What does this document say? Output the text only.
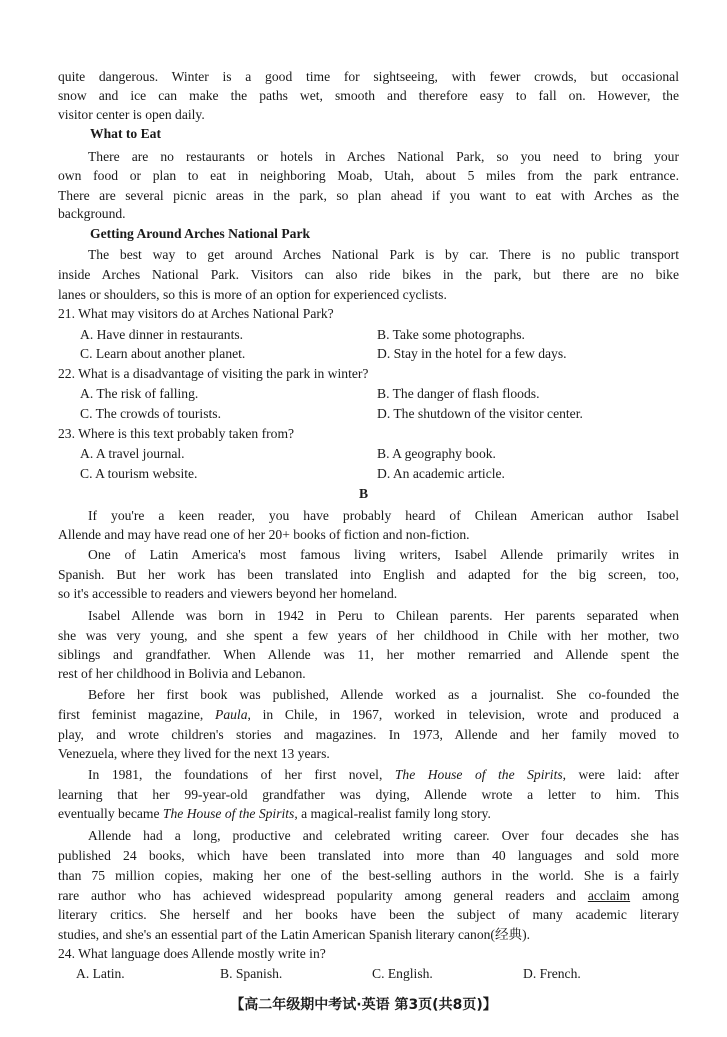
quite dangerous. Winter is a good time for sightseeing, with fewer crowds, but occasional
snow and ice can make the paths wet, smooth and therefore easy to fall on. However, the
visitor center is open daily.
What to Eat
There are no restaurants or hotels in Arches National Park, so you need to bring your
own food or plan to eat in neighboring Moab, Utah, about 5 miles from the park entrance.
There are several picnic areas in the park, so plan ahead if you want to eat with Arches as the
background.
Getting Around Arches National Park
The best way to get around Arches National Park is by car. There is no public transport
inside Arches National Park. Visitors can also ride bikes in the park, but there are no bike
lanes or shoulders, so this is more of an option for experienced cyclists.
21. What may visitors do at Arches National Park?
A. Have dinner in restaurants.	B. Take some photographs.
C. Learn about another planet.	D. Stay in the hotel for a few days.
22. What is a disadvantage of visiting the park in winter?
A. The risk of falling.	B. The danger of flash floods.
C. The crowds of tourists.	D. The shutdown of the visitor center.
23. Where is this text probably taken from?
A. A travel journal.	B. A geography book.
C. A tourism website.	D. An academic article.
B
If you're a keen reader, you have probably heard of Chilean American author Isabel
Allende and may have read one of her 20+ books of fiction and non-fiction.
One of Latin America's most famous living writers, Isabel Allende primarily writes in
Spanish. But her work has been translated into English and adapted for the big screen, too,
so it's accessible to readers and viewers beyond her homeland.
Isabel Allende was born in 1942 in Peru to Chilean parents. Her parents separated when
she was very young, and she spent a few years of her childhood in Chile with her mother, two
siblings and grandfather. When Allende was 11, her mother remarried and Allende spent the
rest of her childhood in Bolivia and Lebanon.
Before her first book was published, Allende worked as a journalist. She co-founded the
first feminist magazine, Paula, in Chile, in 1967, worked in television, wrote and produced a
play, and wrote children's stories and magazines. In 1973, Allende and her family moved to
Venezuela, where they lived for the next 13 years.
In 1981, the foundations of her first novel, The House of the Spirits, were laid: after
learning that her 99-year-old grandfather was dying, Allende wrote a letter to him. This
eventually became The House of the Spirits, a magical-realist family long story.
Allende had a long, productive and celebrated writing career. Over four decades she has
published 24 books, which have been translated into more than 40 languages and sold more
than 75 million copies, making her one of the best-selling authors in the world. She is a fairly
rare author who has achieved widespread popularity among general readers and acclaim among
literary critics. She herself and her books have been the subject of many academic literary
studies, and she's an essential part of the Latin American Spanish literary canon(经典).
24. What language does Allende mostly write in?
A. Latin.	B. Spanish.	C. English.	D. French.
【高二年级期中考试·英语 第3页(共8页)】
